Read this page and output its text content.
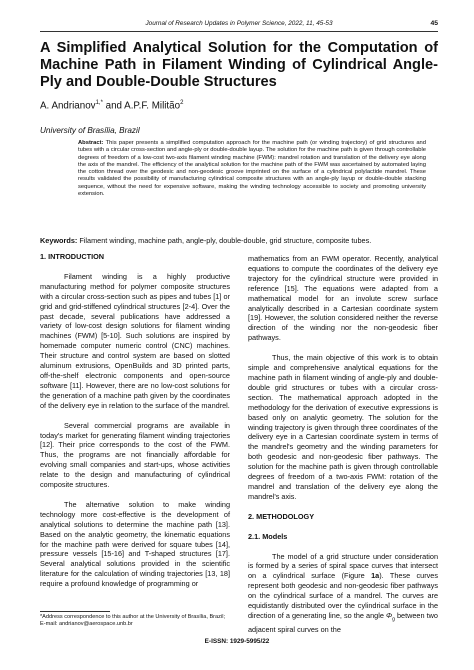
Journal of Research Updates in Polymer Science, 2022, 11, 45-53	45
A Simplified Analytical Solution for the Computation of Machine Path in Filament Winding of Cylindrical Angle-Ply and Double-Double Structures
A. Andrianov$^{1,*}$ and A.P.F. Militão$^2$
University of Brasília, Brazil
Abstract: This paper presents a simplified computation approach for the machine path (or winding trajectory) of grid structures and tubes with a circular cross-section and angle-ply or double-double layup. The solution for the machine path is given through controllable degrees of freedom of a low-cost two-axis filament winding machine (FWM): mandrel rotation and translation of the delivery eye along the axis of the mandrel. The efficiency of the analytical solution for the machine path of the FWM was ascertained by automated laying the cotton thread over the geodesic and non-geodesic groove imprinted on the surface of a cylindrical polylactide mandrel. These results validated the possibility of manufacturing cylindrical composite structures with an angle-ply layup or double-double stacking sequence, without the need for expensive software, making the winding technology accessible to society and promoting university extension.
Keywords: Filament winding, machine path, angle-ply, double-double, grid structure, composite tubes.
1. INTRODUCTION
Filament winding is a highly productive manufacturing method for polymer composite structures with a circular cross-section such as pipes and tubes [1] or grid and grid-stiffened cylindrical structures [2-4]. Over the past decade, several publications have addressed a variety of low-cost design solutions for filament winding machines (FWM) [5-10]. Such solutions are inspired by homemade computer numeric control (CNC) machines. Their structure and control system are based on slotted aluminum extrusions, OpenBuilds and 3D printed parts, off-the-shelf electronic components and open-source software [11]. However, there are no low-cost solutions for the generation of a machine path given by the coordinates of the delivery eye in relation to the surface of the mandrel.
Several commercial programs are available in today's market for generating filament winding trajectories [12]. Their price corresponds to the cost of the FWM. Thus, the programs are not financially affordable for evolving small companies and start-ups, whose activities relate to the design and manufacturing of cylindrical composite structures.
The alternative solution to make winding technology more cost-effective is the development of analytical solutions to determine the machine path [13]. Based on the analytic geometry, the kinematic equations for the machine path were derived for square tubes [14], pressure vessels [15-16] and T-shaped structures [17]. Several analytical solutions provided in the scientific literature for the calculation of winding trajectories [13, 18] require a profound knowledge of programming or
mathematics from an FWM operator. Recently, analytical equations to compute the coordinates of the delivery eye trajectory for the cylindrical structure were provided in reference [15]. The equations were adapted from a mathematical model for an involute screw surface analytically described in a Cartesian coordinate system [19]. However, the solution considered neither the reverse direction of the winding nor the non-geodesic fiber pathways.
Thus, the main objective of this work is to obtain simple and comprehensive analytical equations for the machine path in filament winding of angle-ply and double-double grid structures or tubes with a circular cross-section. The mathematical approach adopted in the methodology for the derivation of executive expressions is based only on analytic geometry. The solution for the winding trajectory is given through three coordinates of the delivery eye in a Cartesian coordinate system in terms of the mandrel's geometry and the winding parameters for both geodesic and non-geodesic fiber pathways. The solution for the machine path is given through controllable degrees of freedom of a two-axis FWM: rotation of the mandrel and translation of the delivery eye along the mandrel's axis.
2. METHODOLOGY
2.1. Models
The model of a grid structure under consideration is formed by a series of spiral space curves that intersect on a cylindrical surface (Figure 1a). These curves represent both geodesic and non-geodesic fiber pathways on the cylindrical surface of a mandrel. The curves are equidistantly distributed over the cylindrical surface in the direction of a generating line, so the angle $\Phi_g$ between two adjacent spiral curves on the
*Address correspondence to this author at the University of Brasília, Brazil;
E-mail: andrianov@aerospace.unb.br
E-ISSN: 1929-5995/22
